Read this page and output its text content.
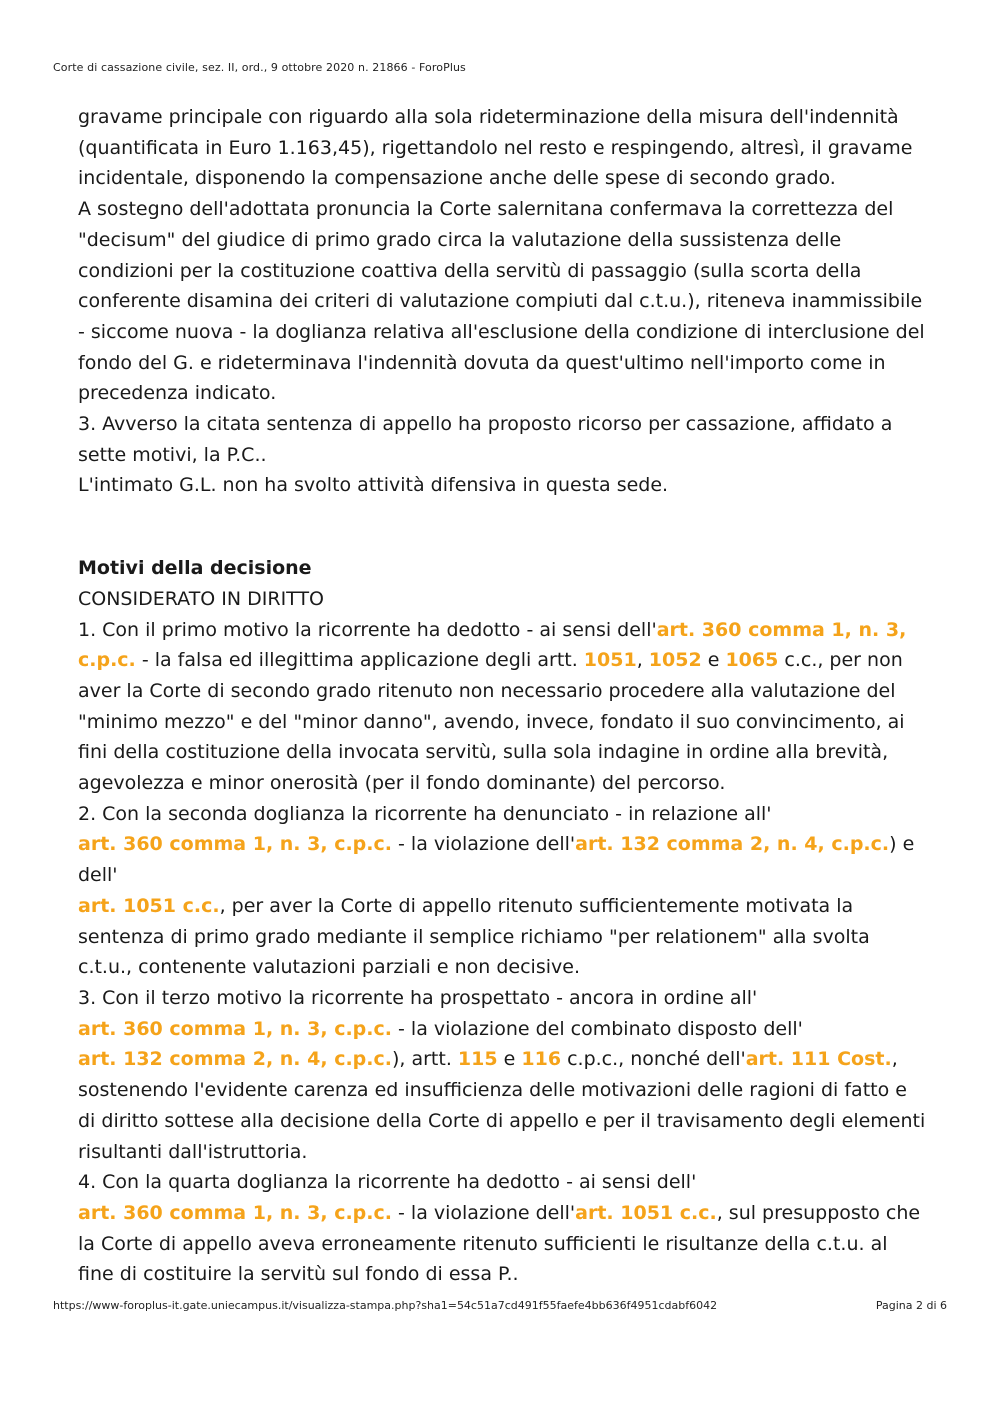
Corte di cassazione civile, sez. II, ord., 9 ottobre 2020 n. 21866 - ForoPlus

gravame principale con riguardo alla sola rideterminazione della misura dell'indennità (quantificata in Euro 1.163,45), rigettandolo nel resto e respingendo, altresì, il gravame incidentale, disponendo la compensazione anche delle spese di secondo grado.

A sostegno dell'adottata pronuncia la Corte salernitana confermava la correttezza del "decisum" del giudice di primo grado circa la valutazione della sussistenza delle condizioni per la costituzione coattiva della servitù di passaggio (sulla scorta della conferente disamina dei criteri di valutazione compiuti dal c.t.u.), riteneva inammissibile - siccome nuova - la doglianza relativa all'esclusione della condizione di interclusione del fondo del G. e rideterminava l'indennità dovuta da quest'ultimo nell'importo come in precedenza indicato.

3. Avverso la citata sentenza di appello ha proposto ricorso per cassazione, affidato a sette motivi, la P.C..

L'intimato G.L. non ha svolto attività difensiva in questa sede.

Motivi della decisione

CONSIDERATO IN DIRITTO

1. Con il primo motivo la ricorrente ha dedotto - ai sensi dell'art. 360 comma 1, n. 3, c.p.c. - la falsa ed illegittima applicazione degli artt. 1051, 1052 e 1065 c.c., per non aver la Corte di secondo grado ritenuto non necessario procedere alla valutazione del "minimo mezzo" e del "minor danno", avendo, invece, fondato il suo convincimento, ai fini della costituzione della invocata servitù, sulla sola indagine in ordine alla brevità, agevolezza e minor onerosità (per il fondo dominante) del percorso.

2. Con la seconda doglianza la ricorrente ha denunciato - in relazione all'
art. 360 comma 1, n. 3, c.p.c. - la violazione dell'art. 132 comma 2, n. 4, c.p.c.) e dell'
art. 1051 c.c., per aver la Corte di appello ritenuto sufficientemente motivata la sentenza di primo grado mediante il semplice richiamo "per relationem" alla svolta c.t.u., contenente valutazioni parziali e non decisive.

3. Con il terzo motivo la ricorrente ha prospettato - ancora in ordine all'
art. 360 comma 1, n. 3, c.p.c. - la violazione del combinato disposto dell'
art. 132 comma 2, n. 4, c.p.c.), artt. 115 e 116 c.p.c., nonché dell'art. 111 Cost., sostenendo l'evidente carenza ed insufficienza delle motivazioni delle ragioni di fatto e di diritto sottese alla decisione della Corte di appello e per il travisamento degli elementi risultanti dall'istruttoria.

4. Con la quarta doglianza la ricorrente ha dedotto - ai sensi dell'
art. 360 comma 1, n. 3, c.p.c. - la violazione dell'art. 1051 c.c., sul presupposto che la Corte di appello aveva erroneamente ritenuto sufficienti le risultanze della c.t.u. al fine di costituire la servitù sul fondo di essa P..

https://www-foroplus-it.gate.uniecampus.it/visualizza-stampa.php?sha1=54c51a7cd491f55faefe4bb636f4951cdabf6042	Pagina 2 di 6
